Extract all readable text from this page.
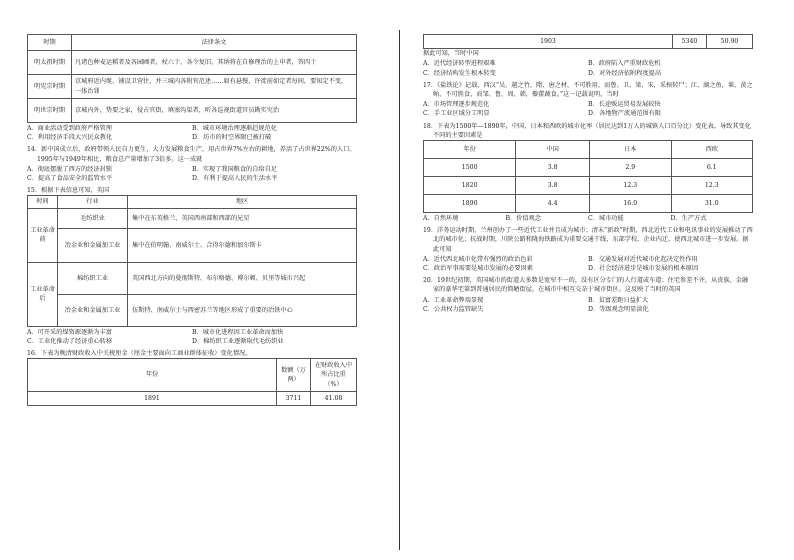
时期	法律条文
明太祖时期	凡诸色种麦运稻者及各园圃者，杖六十，各令复旧。其纳将在自修理治的上申者，答四十
明宪宗时期	京城府近内埏，铺设卫营往，并三城内各附官范述……如有悬慢，许徙前如定者每间，要知定不变，一体治罪
明世宗时期	京城内外，势要之家，侵占官街，填塞沟渠者，听各巡视街道官员勘实究治
A．商业活动受到政府严格管理	B．城市环境治理逐渐趋规范化
C．利用经济手段大兴民众教化	D．坊市的时空界限已被打破
14．新中国成立后，政府带领人民自力更生，大力发展粮食生产，用占世界7%左右的耕地，养活了占世界22%的人口。1995年与1949年相比，粮食总产量增加了3倍多。这一成就
A．彻底摆脱了西方的经济封锁	B．实现了我国粮食的自给自足
C．提高了食品安全的监管水平	D．有利于提高人民的生活水平
15．根据下表信息可知，英国
时间	行业	地区
工业革命前	毛纺织业	集中在东英格兰、英国西南部和西部的兄星
	冶金业和金属加工业	集中在伯明翰、南威尔士、合得尔德和加尔斯卡
工业革命后	棉纺织工业	英国西北方向的曼彻斯特、布尔格德、博尔顿、贝里等城市兴起
	冶金业和金属加工业	伍斯特、南威尔士与西密苏兰等地区形成了重要的冶铁中心
A．可开采的煤资源逐渐为丰富	B．城市化进程因工业革命而加快
C．工业化推动了经济重心转移	D．棉纺织工业逐渐取代毛纺织业
16．下表为晚清财政收入中关税厘金（厘金主要面向工商业群体征收）变化情况。
年份	数额（万两）	在财政收入中所占比重（%）
1891	3711	41.08
1903	5340	50.90
据此可知，当时中国
A．近代经济转型进程艰难	B．政府陷入严重财政危机
C．经济结构发生根本转变	D．对外经济依附程度提高
17．《盐铁论》记载，西汉“吴、越之竹，隋、唐之材，不可胜用，而鲁、卫、梁、宋，采棺转尸；江、湖之鱼，莱、黄之鲐，不可胜食，而邹、鲁、周、韩，藜藿蔬食。”这一记载说明，当时
A．市场管理逐步规范化	B．长途贩运贸易发展较快
C．手工业区域分工明显	D．各地物产流通范围有限
18．下表为1500年—1890年，中国、日本和西欧的城市化率（居民达到1万人的城镇人口百分比）变化表。导致其变化不同的主要因素是
年份	中国	日本	西欧
1500	3.8	2.9	6.1
1820	3.8	12.3	12.3
1890	4.4	16.0	31.0
A．自然环境	B．价值观念	C．城市功能	D．生产方式
19．洋务运动时期，兰州创办了一些近代工业并且成为城市；清末“新政”时期，西北近代工业和电讯事业的发展推动了西北的城市化；抗战时期，川陕公路和陇海铁路成为重要交通干线，东部学校、企业内迁，使西北城市进一步发展。据此可知
A．近代西北城市化带有强烈的政治色彩	B．交通发展对近代城市化起决定性作用
C．政治军事需要是城市发展的必要因素	D．社会经济进步是城市发展的根本原因
20．19世纪初期，英国城市的街道大多数是宽窄不一的，没有区分专门的人行道或车道；住宅参差不齐，从贵族、金融家的豪华宅第到普通居民的简陋街屋，在城市中相互交杂于城市街区。这反映了当时的英国
A．工业革命弊端显现	B．贫富差距日益扩大
C．公共权力监管缺失	D．等级观念明显淡化
